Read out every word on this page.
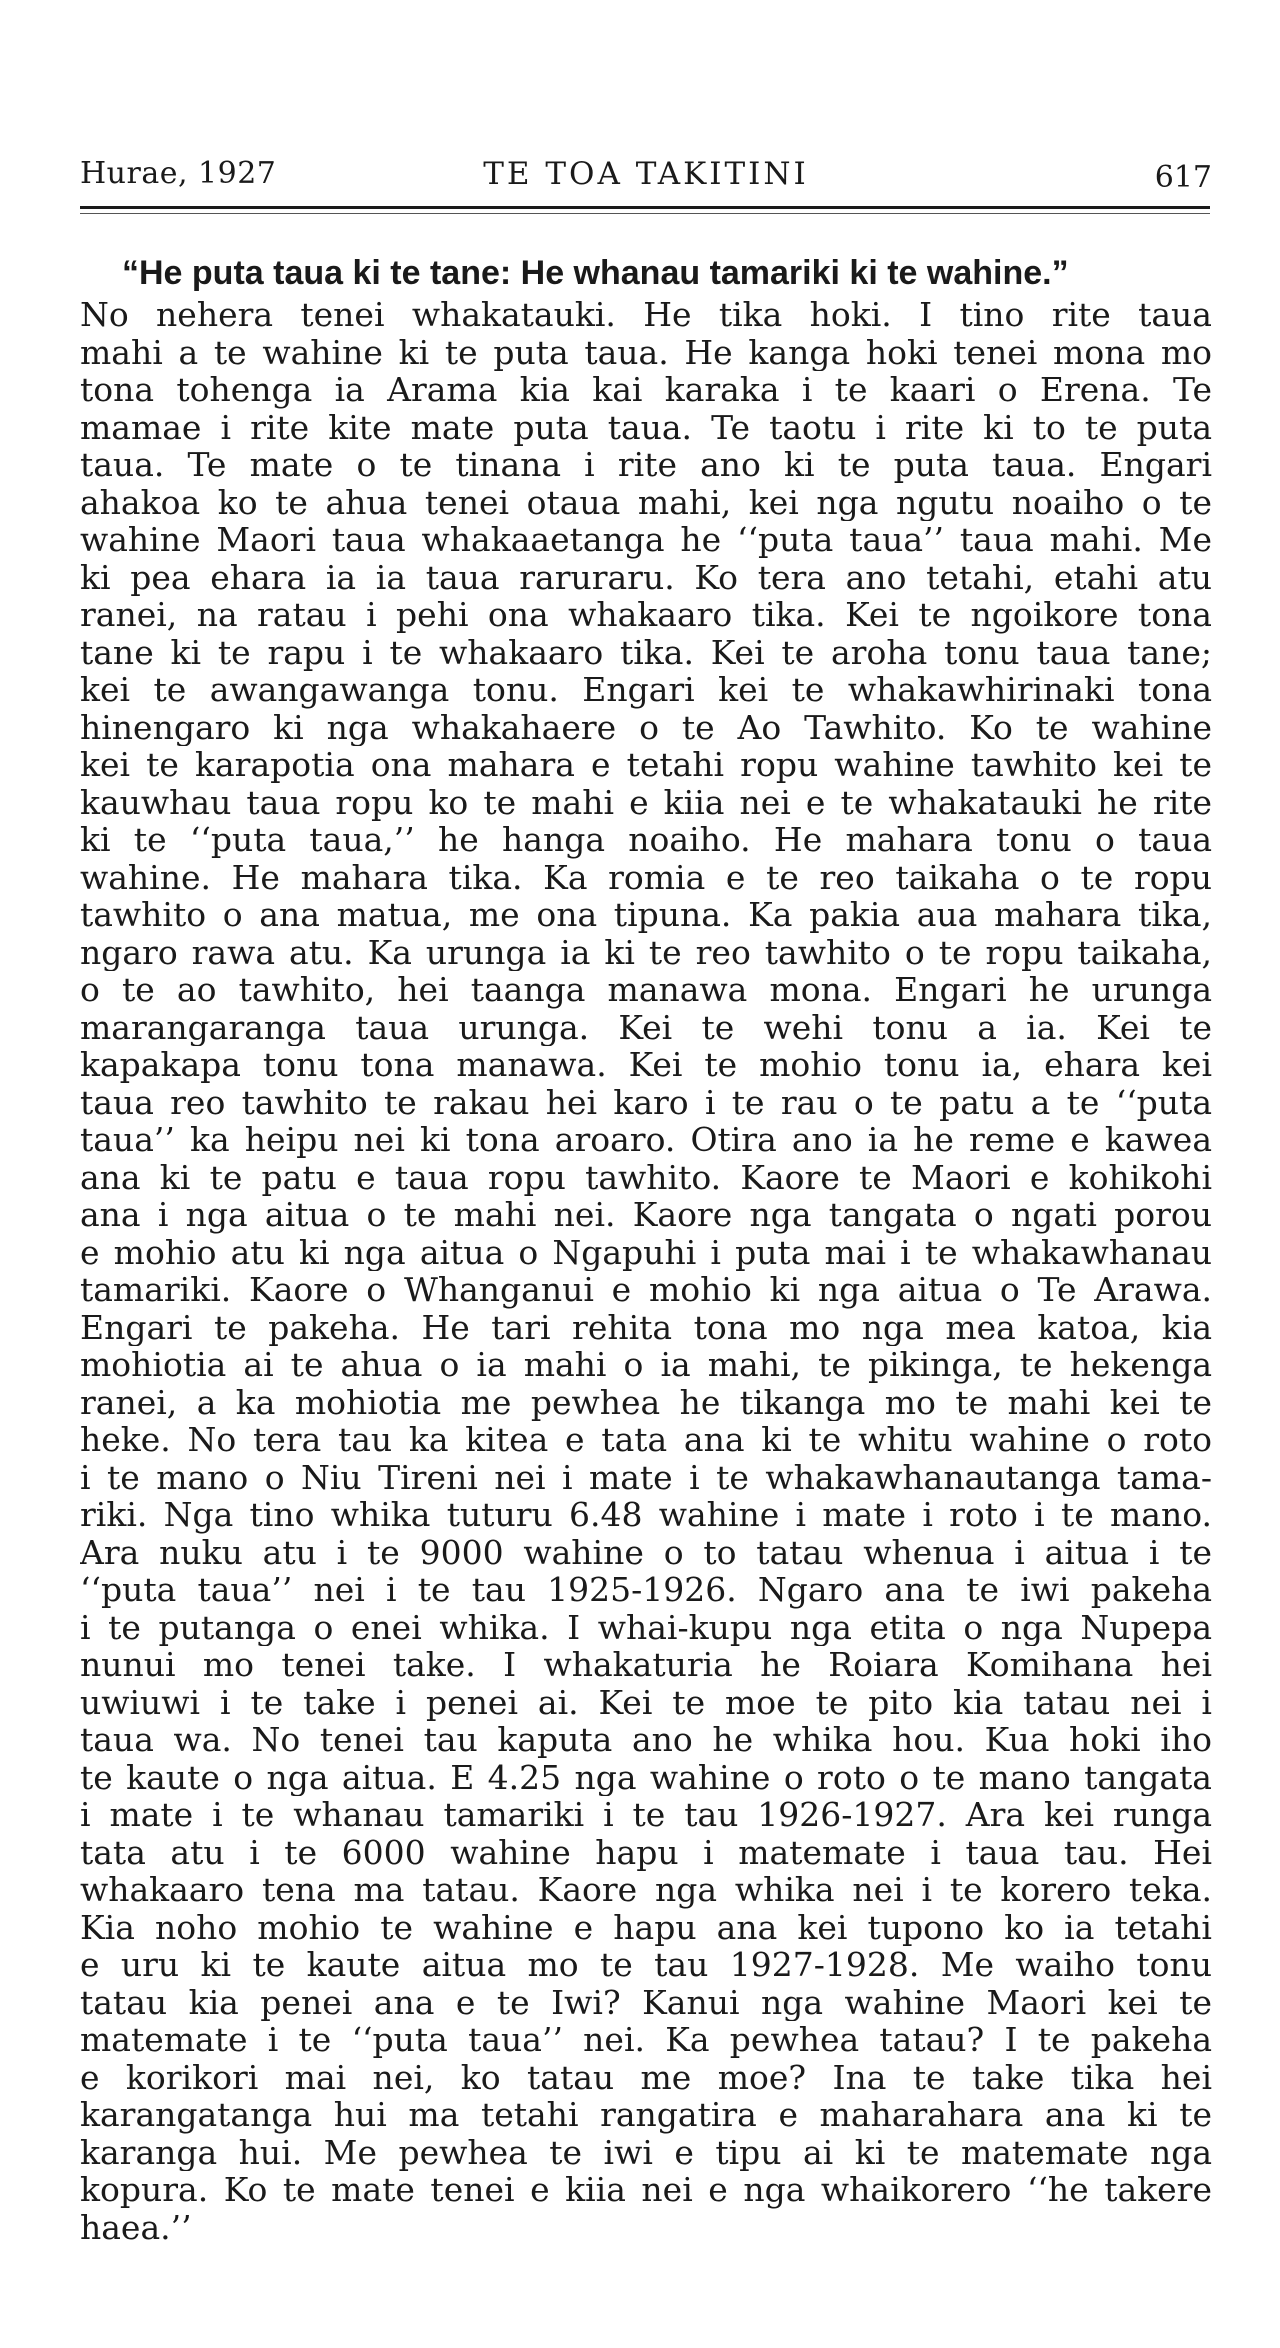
Hurae, 1927	TE TOA TAKITINI	617
“He puta taua ki te tane: He whanau tamariki ki te wahine.”
No nehera tenei whakatauki. He tika hoki. I tino rite taua
mahi a te wahine ki te puta taua. He kanga hoki tenei mona mo
tona tohenga ia Arama kia kai karaka i te kaari o Erena. Te
mamae i rite kite mate puta taua. Te taotu i rite ki to te puta
taua. Te mate o te tinana i rite ano ki te puta taua. Engari
ahakoa ko te ahua tenei otaua mahi, kei nga ngutu noaiho o te
wahine Maori taua whakaaetanga he ‘‘puta taua’’ taua mahi. Me
ki pea ehara ia ia taua raruraru. Ko tera ano tetahi, etahi atu
ranei, na ratau i pehi ona whakaaro tika. Kei te ngoikore tona
tane ki te rapu i te whakaaro tika. Kei te aroha tonu taua tane;
kei te awangawanga tonu. Engari kei te whakawhirinaki tona
hinengaro ki nga whakahaere o te Ao Tawhito. Ko te wahine
kei te karapotia ona mahara e tetahi ropu wahine tawhito kei te
kauwhau taua ropu ko te mahi e kiia nei e te whakatauki he rite
ki te ‘‘puta taua,’’ he hanga noaiho. He mahara tonu o taua
wahine. He mahara tika. Ka romia e te reo taikaha o te ropu
tawhito o ana matua, me ona tipuna. Ka pakia aua mahara tika,
ngaro rawa atu. Ka urunga ia ki te reo tawhito o te ropu taikaha,
o te ao tawhito, hei taanga manawa mona. Engari he urunga
marangaranga taua urunga. Kei te wehi tonu a ia. Kei te
kapakapa tonu tona manawa. Kei te mohio tonu ia, ehara kei
taua reo tawhito te rakau hei karo i te rau o te patu a te ‘‘puta
taua’’ ka heipu nei ki tona aroaro. Otira ano ia he reme e kawea
ana ki te patu e taua ropu tawhito. Kaore te Maori e kohikohi
ana i nga aitua o te mahi nei. Kaore nga tangata o ngati porou
e mohio atu ki nga aitua o Ngapuhi i puta mai i te whakawhanau
tamariki. Kaore o Whanganui e mohio ki nga aitua o Te Arawa.
Engari te pakeha. He tari rehita tona mo nga mea katoa, kia
mohiotia ai te ahua o ia mahi o ia mahi, te pikinga, te hekenga
ranei, a ka mohiotia me pewhea he tikanga mo te mahi kei te
heke. No tera tau ka kitea e tata ana ki te whitu wahine o roto
i te mano o Niu Tireni nei i mate i te whakawhanautanga tama-
riki. Nga tino whika tuturu 6.48 wahine i mate i roto i te mano.
Ara nuku atu i te 9000 wahine o to tatau whenua i aitua i te
‘‘puta taua’’ nei i te tau 1925-1926. Ngaro ana te iwi pakeha
i te putanga o enei whika. I whai-kupu nga etita o nga Nupepa
nunui mo tenei take. I whakaturia he Roiara Komihana hei
uwiuwi i te take i penei ai. Kei te moe te pito kia tatau nei i
taua wa. No tenei tau kaputa ano he whika hou. Kua hoki iho
te kaute o nga aitua. E 4.25 nga wahine o roto o te mano tangata
i mate i te whanau tamariki i te tau 1926-1927. Ara kei runga
tata atu i te 6000 wahine hapu i matemate i taua tau. Hei
whakaaro tena ma tatau. Kaore nga whika nei i te korero teka.
Kia noho mohio te wahine e hapu ana kei tupono ko ia tetahi
e uru ki te kaute aitua mo te tau 1927-1928. Me waiho tonu
tatau kia penei ana e te Iwi? Kanui nga wahine Maori kei te
matemate i te ‘‘puta taua’’ nei. Ka pewhea tatau? I te pakeha
e korikori mai nei, ko tatau me moe? Ina te take tika hei
karangatanga hui ma tetahi rangatira e maharahara ana ki te
karanga hui. Me pewhea te iwi e tipu ai ki te matemate nga
kopura. Ko te mate tenei e kiia nei e nga whaikorero ‘‘he takere
haea.’’
